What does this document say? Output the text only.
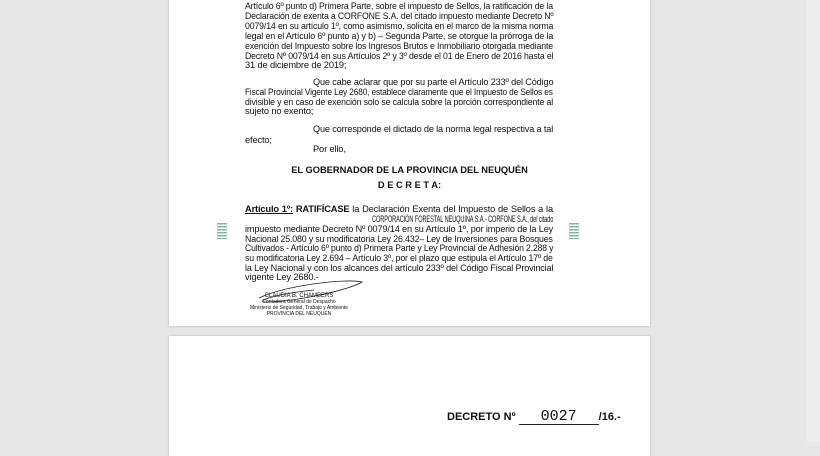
Artículo 6º punto d) Primera Parte, sobre el impuesto de Sellos, la ratificación de la
Declaración de exenta a CORFONE S.A. del citado impuesto mediante Decreto Nº
0079/14 en su artículo 1º, como asimismo, solicita en el marco de la misma norma
legal en el Artículo 6º punto a) y b) – Segunda Parte, se otorgue la prórroga de la
exención del Impuesto sobre los Ingresos Brutos e Inmobiliario otorgada mediante
Decreto Nº 0079/14 en sus Artículos 2º y 3º desde el 01 de Enero de 2016 hasta el
31 de diciembre de 2019;
Que cabe aclarar que por su parte el Artículo 233º del Código
Fiscal Provincial Vigente Ley 2680, establece claramente que el Impuesto de Sellos es
divisible y en caso de exención solo se calcula sobre la porción correspondiente al
sujeto no exento;
Que corresponde el dictado de la norma legal respectiva a tal
efecto;
Por ello,
EL GOBERNADOR DE LA PROVINCIA DEL NEUQUÉN
D E C R E T A:
Artículo 1º: RATIFÍCASE la Declaración Exenta del Impuesto de Sellos a la
CORPORACIÓN FORESTAL NEUQUINA S.A.- CORFONE S.A., del citado
impuesto mediante Decreto Nº 0079/14 en su Artículo 1º, por imperio de la Ley
Nacional 25.080 y su modificatoria Ley 26.432– Ley de Inversiones para Bosques
Cultivados - Artículo 6º punto d) Primera Parte y Ley Provincial de Adhesión 2.288 y
su modificatoria Ley 2.694 – Artículo 3º, por el plazo que estipula el Artículo 17º de
la Ley Nacional y con los alcances del artículo 233º del Código Fiscal Provincial
vigente Ley 2680.-
CLAUDIA B. CHAMBERS
Contadora General de Despacho
Ministerio de Seguridad, Trabajo y Ambiente
PROVINCIA DEL NEUQUÉN
DECRETO Nº 0027 /16.-
